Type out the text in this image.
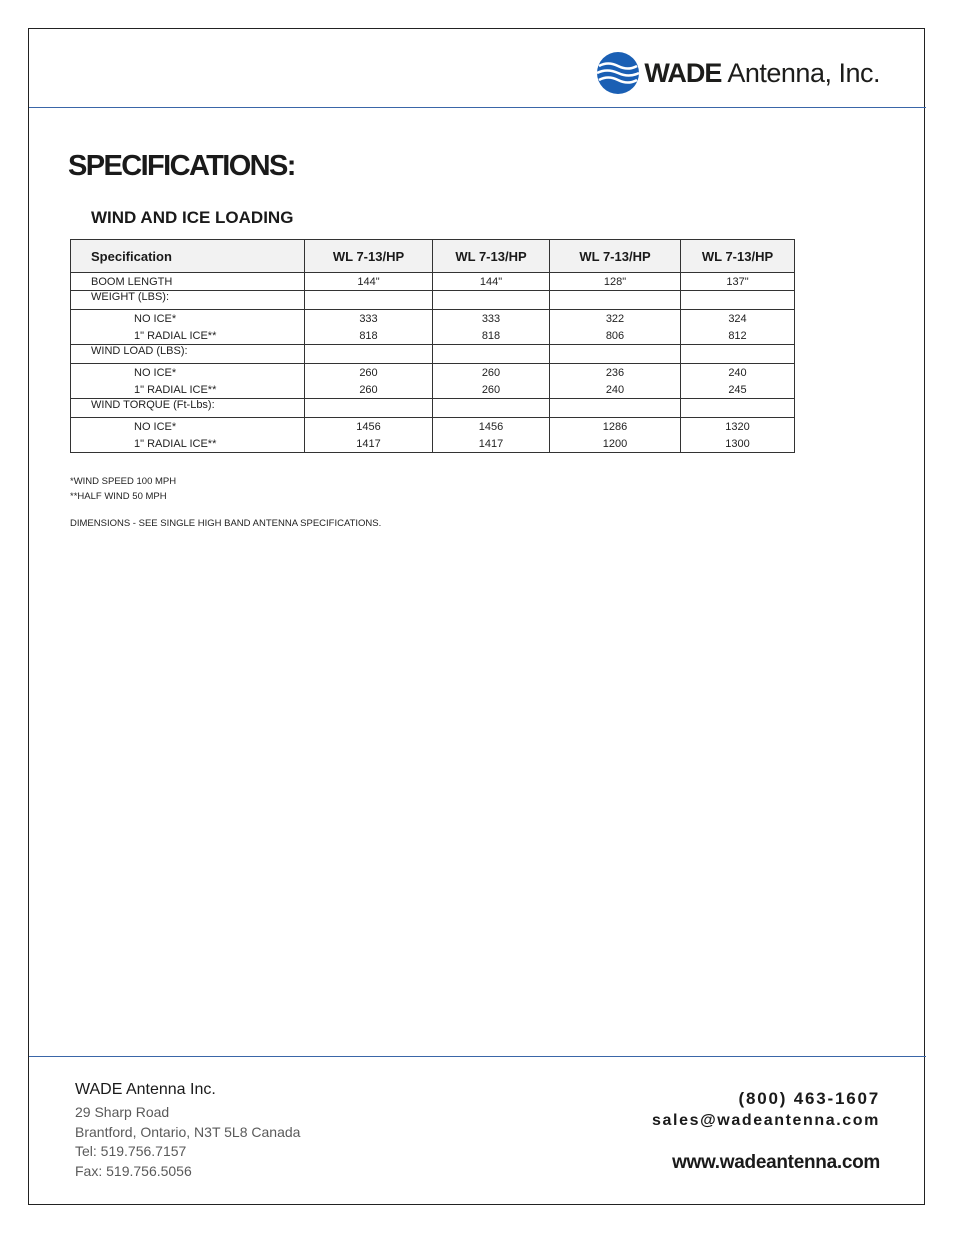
WADE Antenna, Inc.
SPECIFICATIONS:
WIND AND ICE LOADING
Specification	WL 7-13/HP	WL 7-13/HP	WL 7-13/HP	WL 7-13/HP
BOOM LENGTH	144"	144"	128"	137"
WEIGHT (LBS):				
NO ICE*	333	333	322	324
1" RADIAL ICE**	818	818	806	812
WIND LOAD (LBS):				
NO ICE*	260	260	236	240
1" RADIAL ICE**	260	260	240	245
WIND TORQUE (Ft-Lbs):				
NO ICE*	1456	1456	1286	1320
1" RADIAL ICE**	1417	1417	1200	1300

*WIND SPEED 100 MPH

**HALF WIND 50 MPH

DIMENSIONS - SEE SINGLE HIGH BAND ANTENNA SPECIFICATIONS.

WADE Antenna Inc.

29 Sharp Road

Brantford, Ontario, N3T 5L8 Canada

Tel: 519.756.7157

Fax: 519.756.5056

(800) 463-1607

sales@wadeantenna.com

www.wadeantenna.com
